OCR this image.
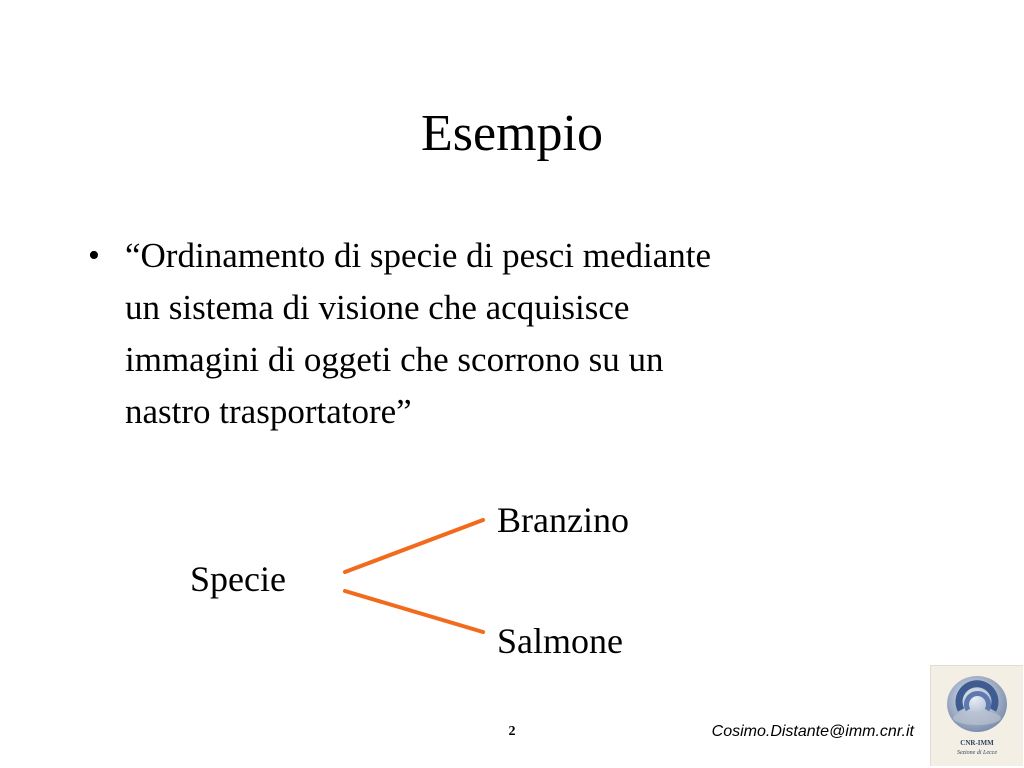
Esempio
• “Ordinamento di specie di pesci mediante
un sistema di visione che acquisisce
immagini di oggeti che scorrono su un
nastro trasportatore”
Specie
Branzino
Salmone
2	Cosimo.Distante@imm.cnr.it
CNR-IMM
Sezione di Lecce
